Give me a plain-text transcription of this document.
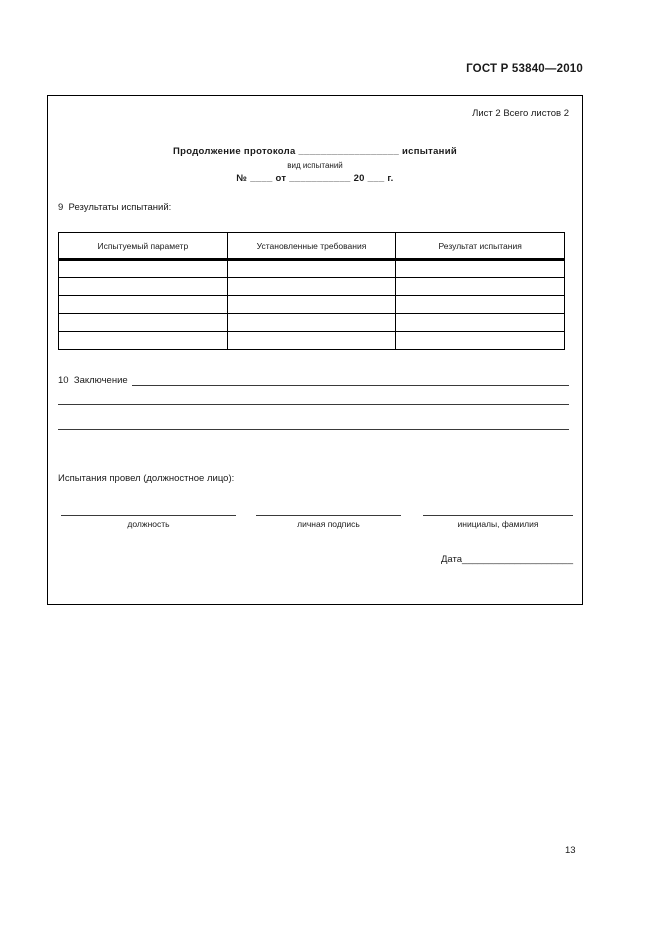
ГОСТ Р 53840—2010
Лист 2 Всего листов 2
Продолжение протокола __________________ испытаний
вид испытаний
№ ____ от ___________ 20 ___ г.
9  Результаты испытаний:
Испытуемый параметр	Установленные требования	Результат испытания

10  Заключение
Испытания провел (должностное лицо):
должность	личная подпись	инициалы, фамилия
Дата_____________________
13
